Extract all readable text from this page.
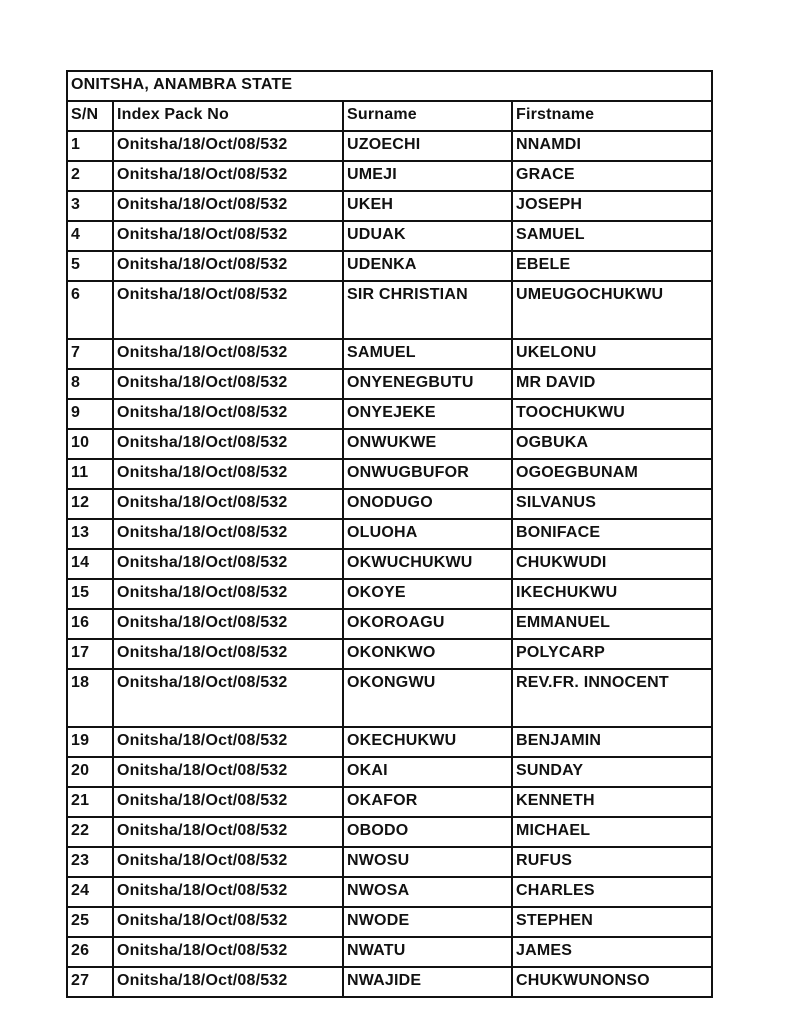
ONITSHA, ANAMBRA STATE			
S/N	Index Pack No	Surname	Firstname
1	Onitsha/18/Oct/08/532	UZOECHI	NNAMDI
2	Onitsha/18/Oct/08/532	UMEJI	GRACE
3	Onitsha/18/Oct/08/532	UKEH	JOSEPH
4	Onitsha/18/Oct/08/532	UDUAK	SAMUEL
5	Onitsha/18/Oct/08/532	UDENKA	EBELE
6	Onitsha/18/Oct/08/532	SIR CHRISTIAN	UMEUGOCHUKWU
7	Onitsha/18/Oct/08/532	SAMUEL	UKELONU
8	Onitsha/18/Oct/08/532	ONYENEGBUTU	MR DAVID
9	Onitsha/18/Oct/08/532	ONYEJEKE	TOOCHUKWU
10	Onitsha/18/Oct/08/532	ONWUKWE	OGBUKA
11	Onitsha/18/Oct/08/532	ONWUGBUFOR	OGOEGBUNAM
12	Onitsha/18/Oct/08/532	ONODUGO	SILVANUS
13	Onitsha/18/Oct/08/532	OLUOHA	BONIFACE
14	Onitsha/18/Oct/08/532	OKWUCHUKWU	CHUKWUDI
15	Onitsha/18/Oct/08/532	OKOYE	IKECHUKWU
16	Onitsha/18/Oct/08/532	OKOROAGU	EMMANUEL
17	Onitsha/18/Oct/08/532	OKONKWO	POLYCARP
18	Onitsha/18/Oct/08/532	OKONGWU	REV.FR. INNOCENT
19	Onitsha/18/Oct/08/532	OKECHUKWU	BENJAMIN
20	Onitsha/18/Oct/08/532	OKAI	SUNDAY
21	Onitsha/18/Oct/08/532	OKAFOR	KENNETH
22	Onitsha/18/Oct/08/532	OBODO	MICHAEL
23	Onitsha/18/Oct/08/532	NWOSU	RUFUS
24	Onitsha/18/Oct/08/532	NWOSA	CHARLES
25	Onitsha/18/Oct/08/532	NWODE	STEPHEN
26	Onitsha/18/Oct/08/532	NWATU	JAMES
27	Onitsha/18/Oct/08/532	NWAJIDE	CHUKWUNONSO
